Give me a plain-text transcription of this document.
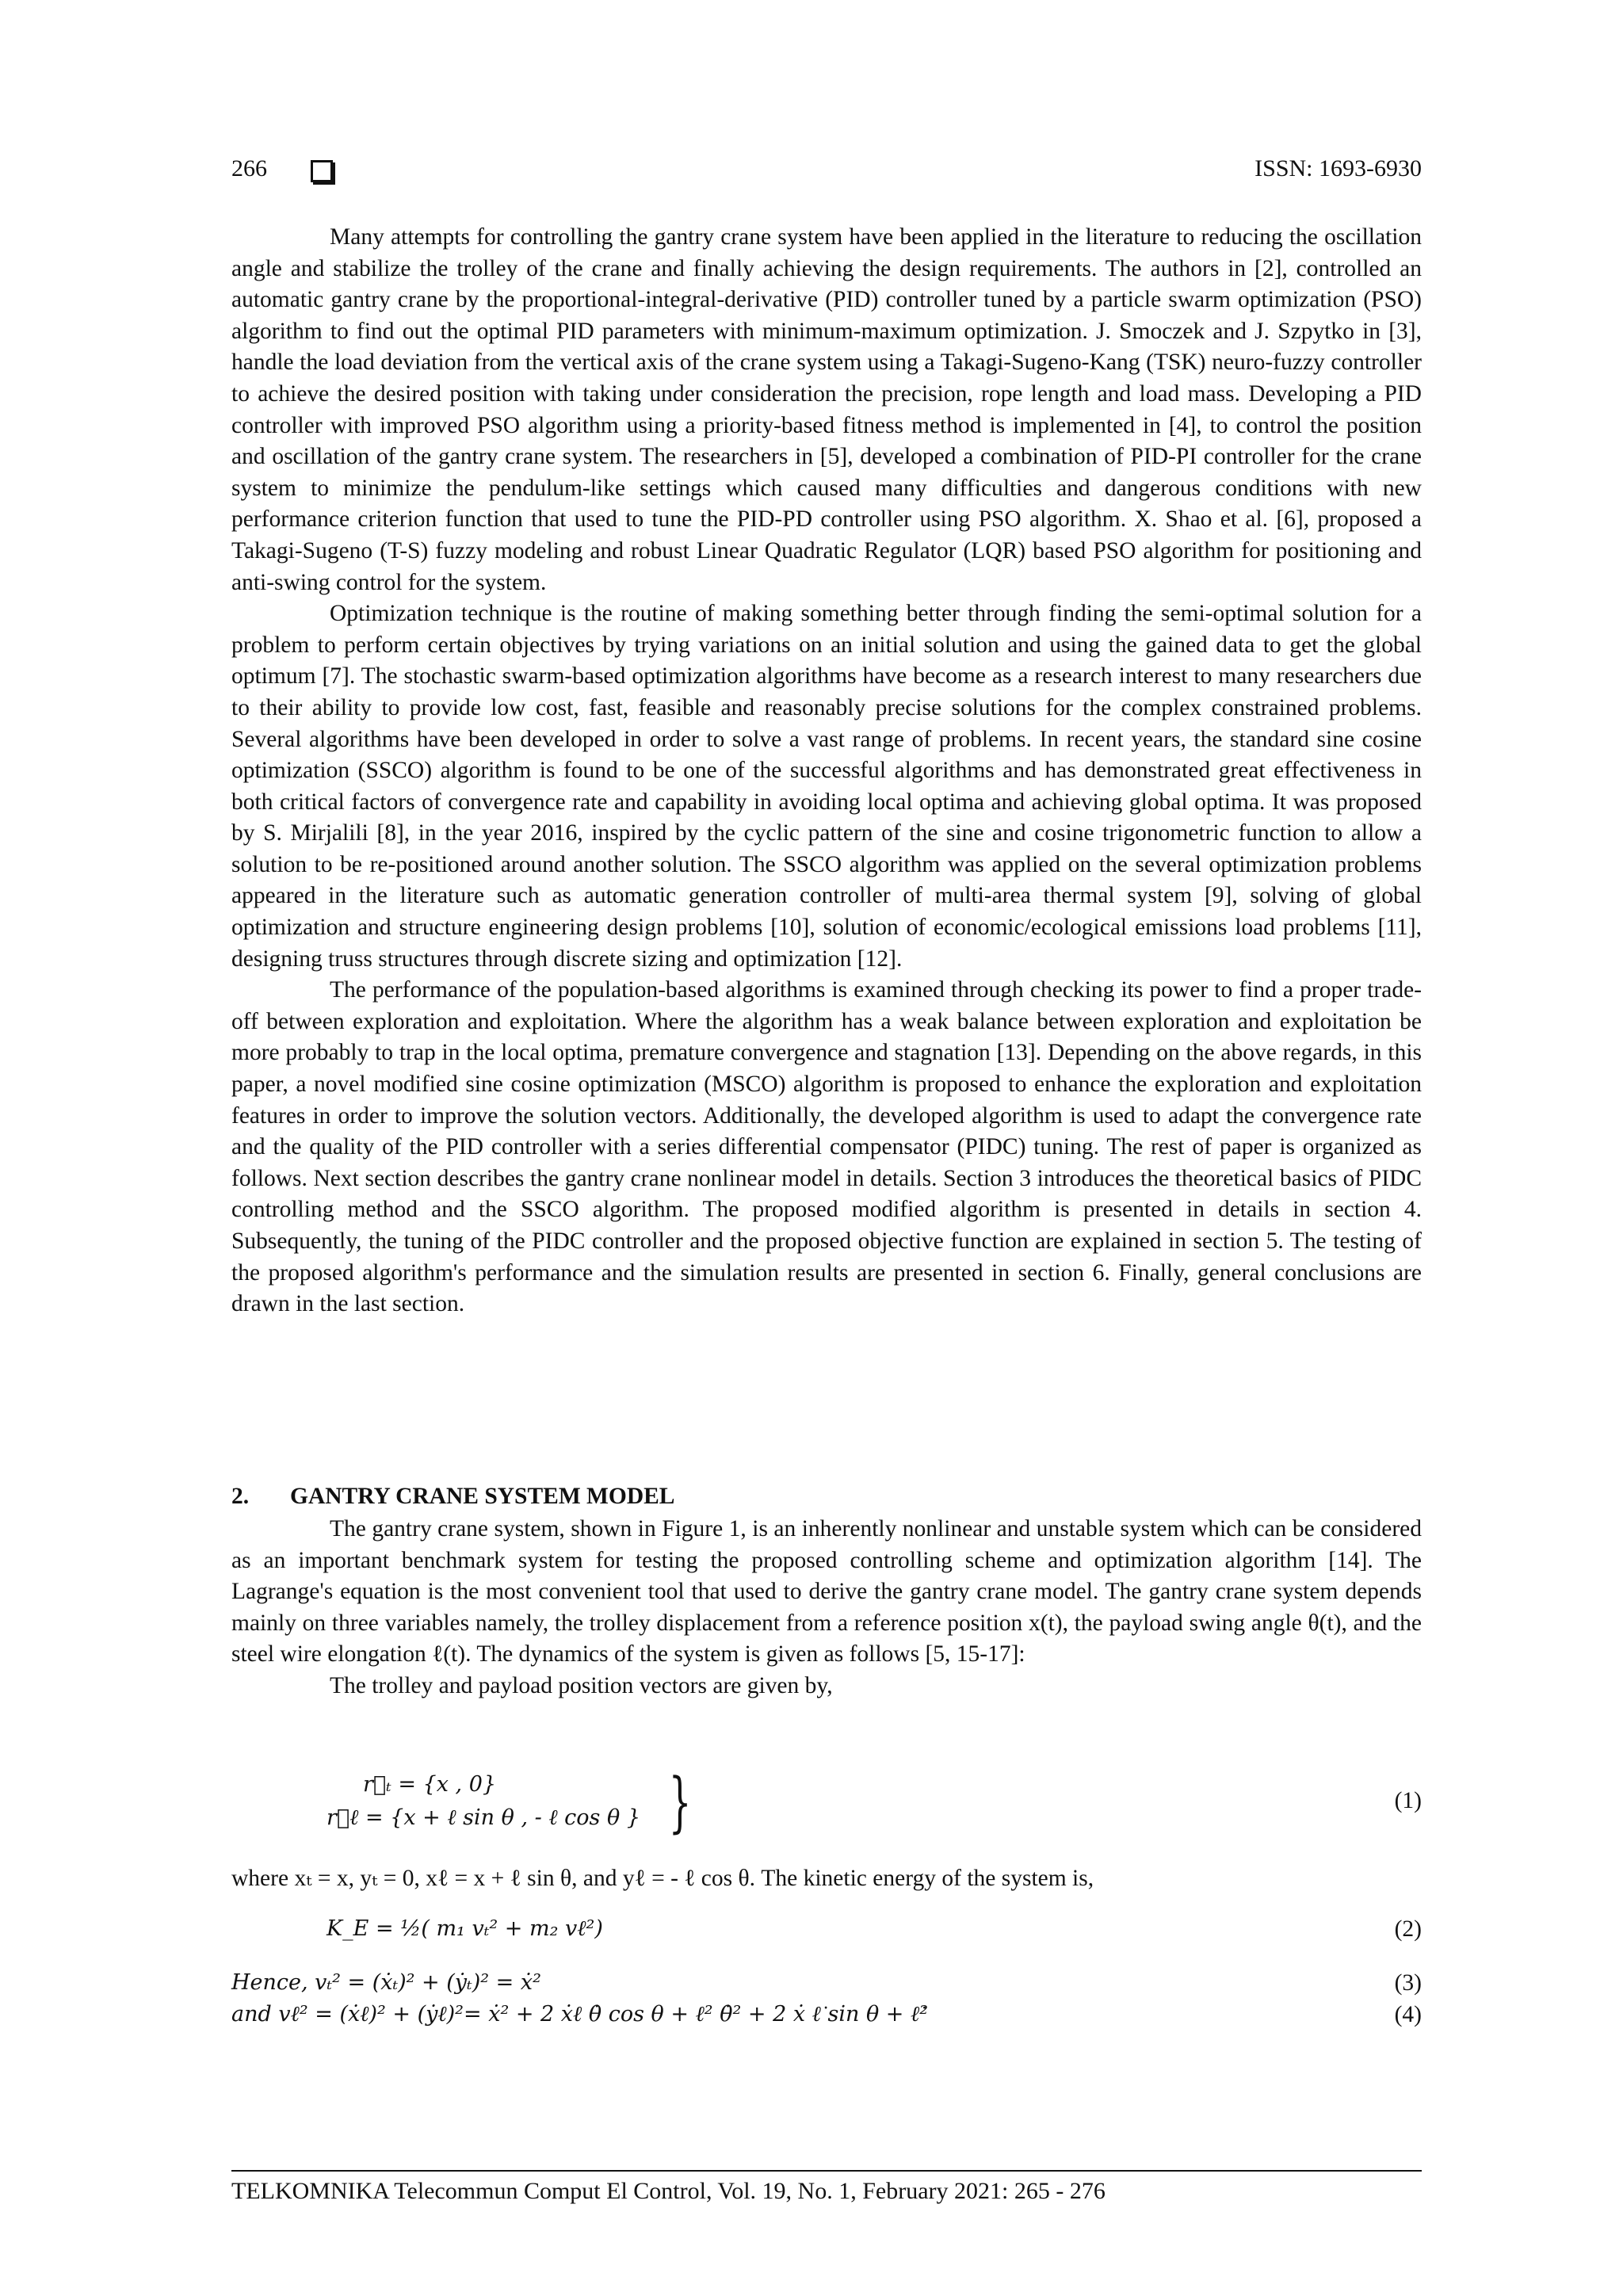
266	ISSN: 1693-6930

Many attempts for controlling the gantry crane system have been applied in the literature to reducing the oscillation angle and stabilize the trolley of the crane and finally achieving the design requirements. The authors in [2], controlled an automatic gantry crane by the proportional-integral-derivative (PID) controller tuned by a particle swarm optimization (PSO) algorithm to find out the optimal PID parameters with minimum-maximum optimization. J. Smoczek and J. Szpytko in [3], handle the load deviation from the vertical axis of the crane system using a Takagi-Sugeno-Kang (TSK) neuro-fuzzy controller to achieve the desired position with taking under consideration the precision, rope length and load mass. Developing a PID controller with improved PSO algorithm using a priority-based fitness method is implemented in [4], to control the position and oscillation of the gantry crane system. The researchers in [5], developed a combination of PID-PI controller for the crane system to minimize the pendulum-like settings which caused many difficulties and dangerous conditions with new performance criterion function that used to tune the PID-PD controller using PSO algorithm. X. Shao et al. [6], proposed a Takagi-Sugeno (T-S) fuzzy modeling and robust Linear Quadratic Regulator (LQR) based PSO algorithm for positioning and anti-swing control for the system.

Optimization technique is the routine of making something better through finding the semi-optimal solution for a problem to perform certain objectives by trying variations on an initial solution and using the gained data to get the global optimum [7]. The stochastic swarm-based optimization algorithms have become as a research interest to many researchers due to their ability to provide low cost, fast, feasible and reasonably precise solutions for the complex constrained problems. Several algorithms have been developed in order to solve a vast range of problems. In recent years, the standard sine cosine optimization (SSCO) algorithm is found to be one of the successful algorithms and has demonstrated great effectiveness in both critical factors of convergence rate and capability in avoiding local optima and achieving global optima. It was proposed by S. Mirjalili [8], in the year 2016, inspired by the cyclic pattern of the sine and cosine trigonometric function to allow a solution to be re-positioned around another solution. The SSCO algorithm was applied on the several optimization problems appeared in the literature such as automatic generation controller of multi-area thermal system [9], solving of global optimization and structure engineering design problems [10], solution of economic/ecological emissions load problems [11], designing truss structures through discrete sizing and optimization [12].

The performance of the population-based algorithms is examined through checking its power to find a proper trade-off between exploration and exploitation. Where the algorithm has a weak balance between exploration and exploitation be more probably to trap in the local optima, premature convergence and stagnation [13]. Depending on the above regards, in this paper, a novel modified sine cosine optimization (MSCO) algorithm is proposed to enhance the exploration and exploitation features in order to improve the solution vectors. Additionally, the developed algorithm is used to adapt the convergence rate and the quality of the PID controller with a series differential compensator (PIDC) tuning. The rest of paper is organized as follows. Next section describes the gantry crane nonlinear model in details. Section 3 introduces the theoretical basics of PIDC controlling method and the SSCO algorithm. The proposed modified algorithm is presented in details in section 4. Subsequently, the tuning of the PIDC controller and the proposed objective function are explained in section 5. The testing of the proposed algorithm's performance and the simulation results are presented in section 6. Finally, general conclusions are drawn in the last section.

2. GANTRY CRANE SYSTEM MODEL

The gantry crane system, shown in Figure 1, is an inherently nonlinear and unstable system which can be considered as an important benchmark system for testing the proposed controlling scheme and optimization algorithm [14]. The Lagrange's equation is the most convenient tool that used to derive the gantry crane model. The gantry crane system depends mainly on three variables namely, the trolley displacement from a reference position x(t), the payload swing angle θ(t), and the steel wire elongation ℓ(t). The dynamics of the system is given as follows [5, 15-17]:

The trolley and payload position vectors are given by,

r⃗ₜ = {x , 0}
r⃗ℓ = {x + ℓ sin θ , - ℓ cos θ } }	(1)
where xₜ = x, yₜ = 0, xℓ = x + ℓ sin θ, and yℓ = - ℓ cos θ. The kinetic energy of the system is,
K_E = ½( m₁ vₜ² + m₂ vℓ²)	(2)
Hence, vₜ² = (ẋₜ)² + (ẏₜ)² = ẋ²	(3)
and vℓ² = (ẋℓ)² + (ẏℓ)²= ẋ² + 2 ẋℓ θ̇ cos θ + ℓ² θ̇² + 2 ẋ ℓ̇ sin θ + ℓ̇²	(4)
TELKOMNIKA Telecommun Comput El Control, Vol. 19, No. 1, February 2021: 265 - 276
